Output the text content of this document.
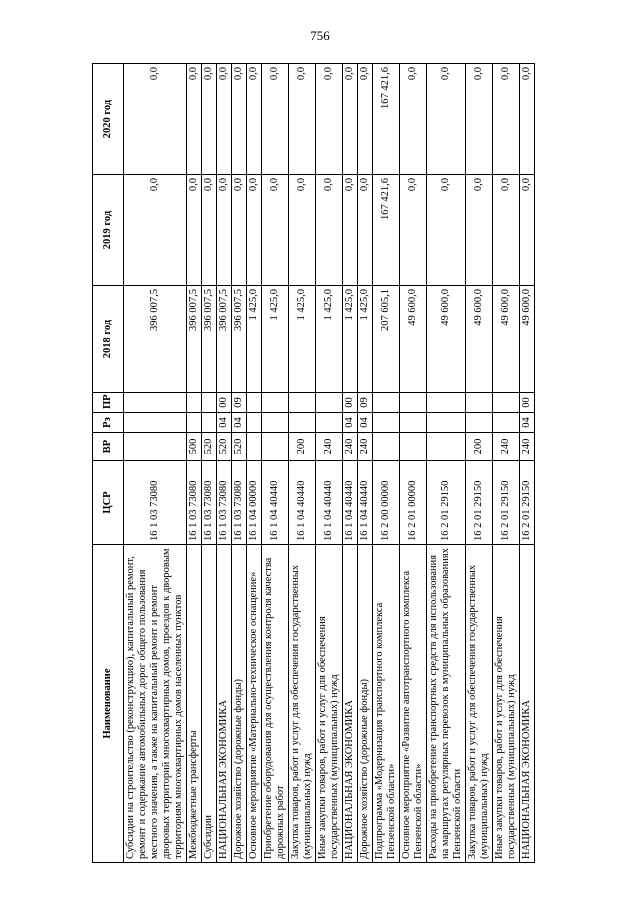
756
Наименование	ЦСР	ВР	Рз	ПР	2018 год	2019 год	2020 год
Субсидии на строительство (реконструкцию), капитальный ремонт, ремонт и содержание автомобильных дорог общего пользования местного значения, а также на капитальный ремонт и ремонт дворовых территорий многоквартирных домов, проездов к дворовым территориям многоквартирных домов населенных пунктов	16 1 03 73080				396 007,5	0,0	0,0
Межбюджетные трансферты	16 1 03 73080	500			396 007,5	0,0	0,0
Субсидии	16 1 03 73080	520			396 007,5	0,0	0,0
НАЦИОНАЛЬНАЯ ЭКОНОМИКА	16 1 03 73080	520	04	00	396 007,5	0,0	0,0
Дорожное хозяйство (дорожные фонды)	16 1 03 73080	520	04	09	396 007,5	0,0	0,0
Основное мероприятие «Материально-техническое оснащение»	16 1 04 00000				1 425,0	0,0	0,0
Приобретение оборудования для осуществления контроля качества дорожных работ	16 1 04 40440				1 425,0	0,0	0,0
Закупка товаров, работ и услуг для обеспечения государственных (муниципальных) нужд	16 1 04 40440	200			1 425,0	0,0	0,0
Иные закупки товаров, работ и услуг для обеспечения государственных (муниципальных) нужд	16 1 04 40440	240			1 425,0	0,0	0,0
НАЦИОНАЛЬНАЯ ЭКОНОМИКА	16 1 04 40440	240	04	00	1 425,0	0,0	0,0
Дорожное хозяйство (дорожные фонды)	16 1 04 40440	240	04	09	1 425,0	0,0	0,0
Подпрограмма «Модернизация транспортного комплекса Пензенской области»	16 2 00 00000				207 605,1	167 421,6	167 421,6
Основное мероприятие «Развитие автотранспортного комплекса Пензенской области»	16 2 01 00000				49 600,0	0,0	0,0
Расходы на приобретение транспортных средств для использования на маршрутах регулярных перевозок в муниципальных образованиях Пензенской области	16 2 01 29150				49 600,0	0,0	0,0
Закупка товаров, работ и услуг для обеспечения государственных (муниципальных) нужд	16 2 01 29150	200			49 600,0	0,0	0,0
Иные закупки товаров, работ и услуг для обеспечения государственных (муниципальных) нужд	16 2 01 29150	240			49 600,0	0,0	0,0
НАЦИОНАЛЬНАЯ ЭКОНОМИКА	16 2 01 29150	240	04	00	49 600,0	0,0	0,0
